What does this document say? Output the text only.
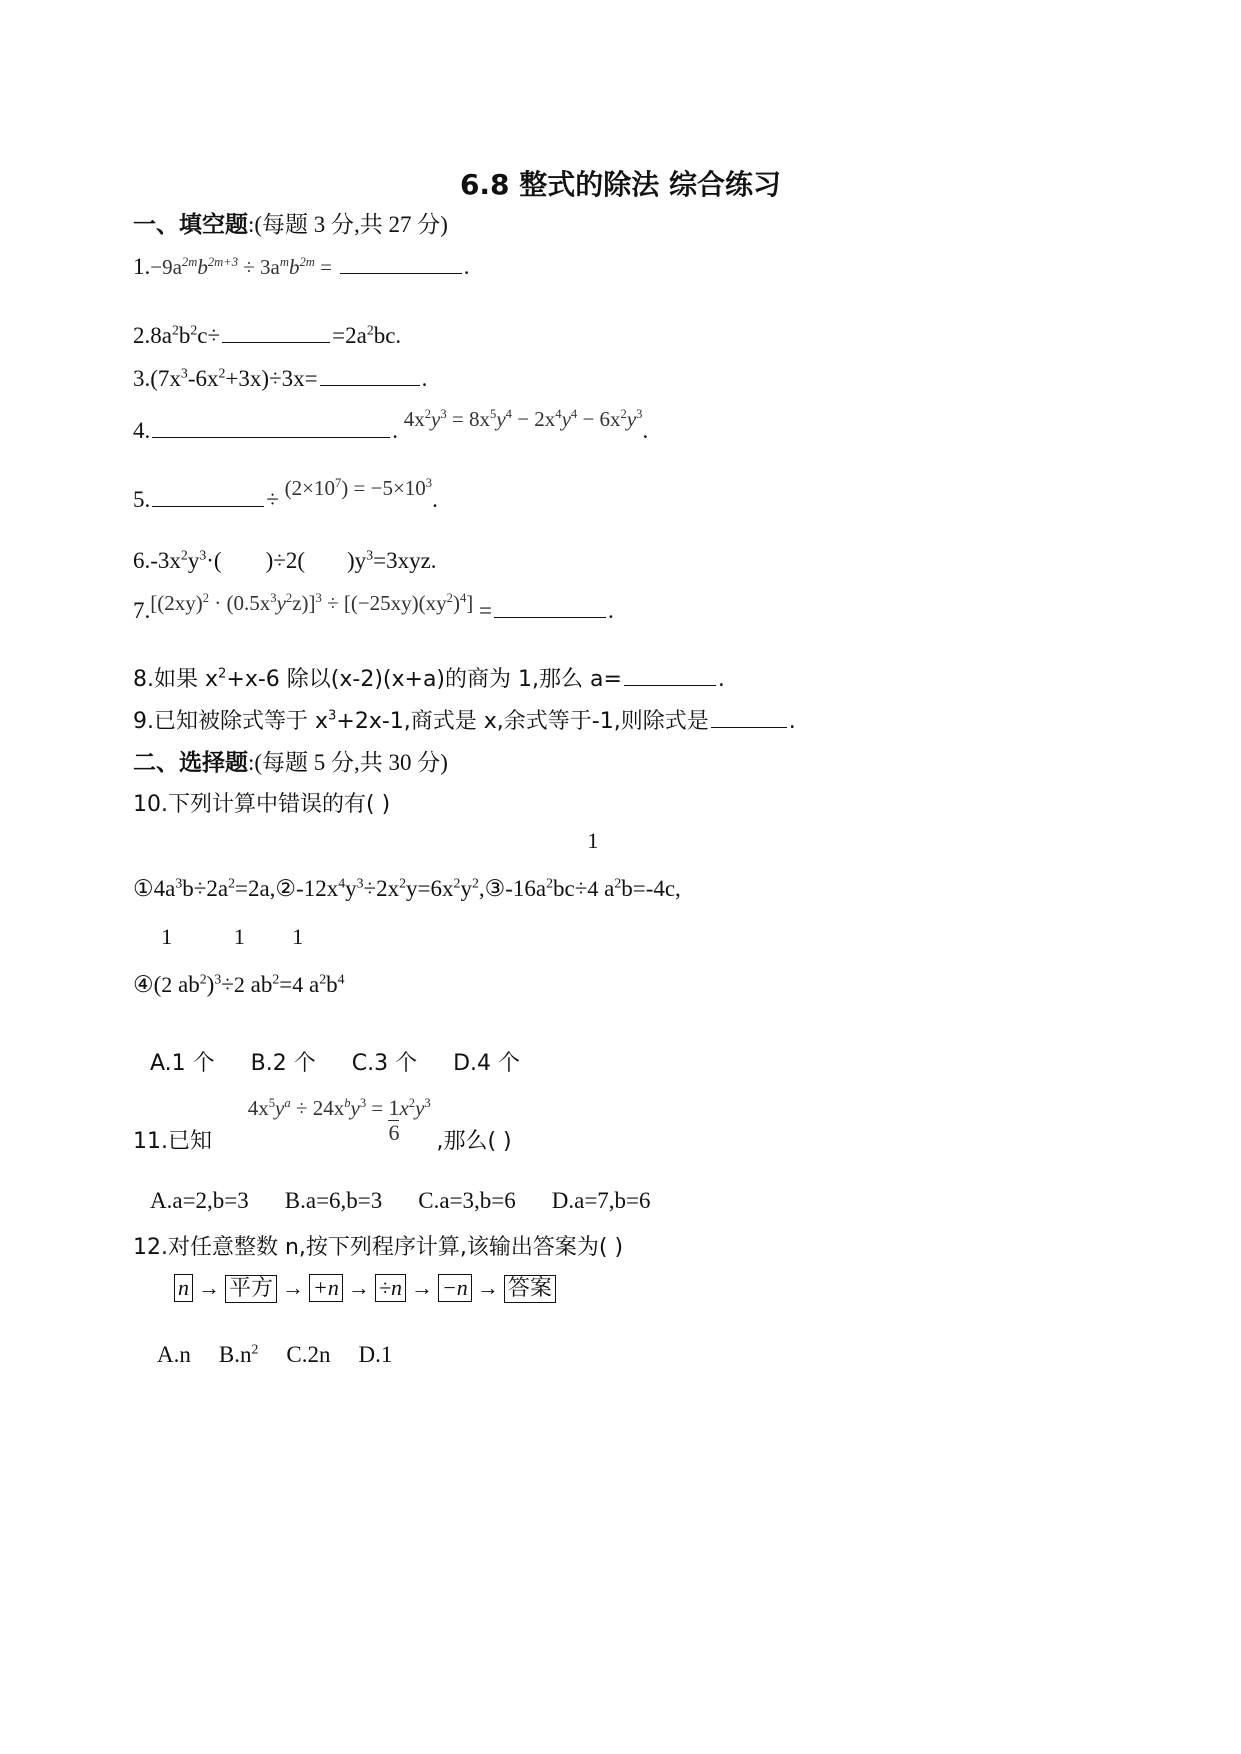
6.8 整式的除法 综合练习
一、填空题:(每题 3 分,共 27 分)
$1.-9a^{2m}b^{2m+3} \div 3a^mb^{2m}$ =	.
$2.8a^2b^2c\div$	$=2a^2bc$.
$3.(7x^3-6x^2+3x)\div 3x=$	.
4.	. $4x^2y^3 = 8x^5y^4 - 2x^4y^4 - 6x^2y^3$.
5.	÷ $(2\times 10^7) = -5\times 10^3$.
$6.-3x^2y^3\cdot$( )÷2( )$y^3=3xyz$.
$7.[(2xy)^2 \cdot (0.5x^3y^2z)]^3 \div [(-25xy)(xy^2)^4]$ =	.
8.如果 $x^2+x-6$ 除以(x-2)(x+a)的商为 1,那么 a=	.
9.已知被除式等于 $x^3+2x-1$,商式是 x,余式等于-1,则除式是	.
二、选择题:(每题 5 分,共 30 分)
10.下列计算中错误的有( )
$①4a^3b\div 2a^2=2a,②-12x^4y^3\div 2x^2y=6x^2y^2,③-16a^2bc\div$
1
4 $a^2b=-4c$,
④(
1
2 $ab^2)^3\div$
1
2 $ab^2=$
1
4 $a^2b^4$
A.1 个 B.2 个 C.3 个 D.4 个
11.已知 $4x^5y^a \div 24x^by^3 = \frac{1}{6} x^2y^3$ ,那么( )
A.a=2,b=3 B.a=6,b=3 C.a=3,b=6 D.a=7,b=6
12.对任意整数 n,按下列程序计算,该输出答案为( )
n → 平方 → +n → ÷n → −n → 答案
A.n $B.n^2$ C.2n D.1
